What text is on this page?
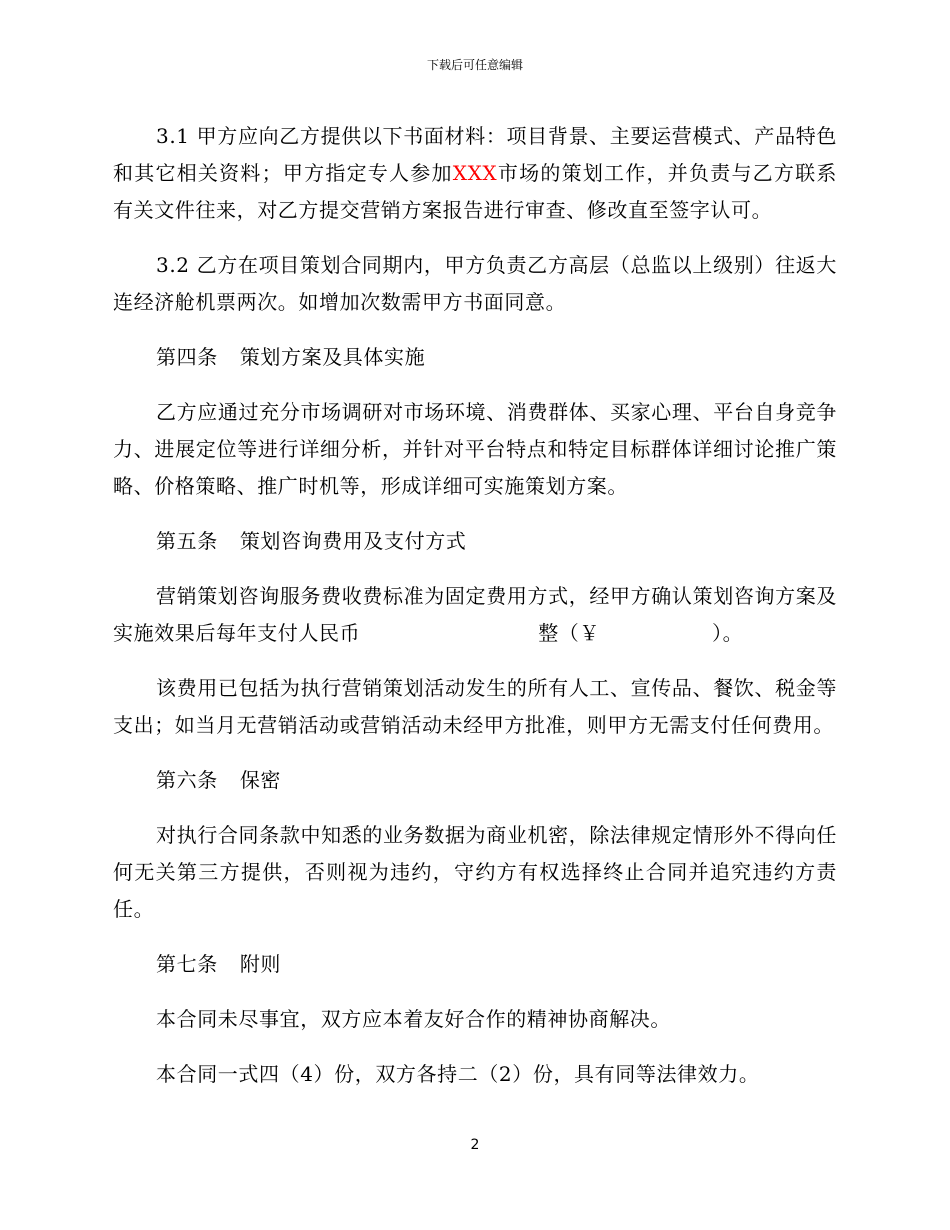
下载后可任意编辑

3.1 甲方应向乙方提供以下书面材料：项目背景、主要运营模式、产品特色和其它相关资料；甲方指定专人参加XXX市场的策划工作，并负责与乙方联系有关文件往来，对乙方提交营销方案报告进行审查、修改直至签字认可。

3.2 乙方在项目策划合同期内，甲方负责乙方高层（总监以上级别）往返大连经济舱机票两次。如增加次数需甲方书面同意。

第四条 策划方案及具体实施

乙方应通过充分市场调研对市场环境、消费群体、买家心理、平台自身竞争力、进展定位等进行详细分析，并针对平台特点和特定目标群体详细讨论推广策略、价格策略、推广时机等，形成详细可实施策划方案。

第五条 策划咨询费用及支付方式

营销策划咨询服务费收费标准为固定费用方式，经甲方确认策划咨询方案及实施效果后每年支付人民币	整（￥	）。

该费用已包括为执行营销策划活动发生的所有人工、宣传品、餐饮、税金等支出；如当月无营销活动或营销活动未经甲方批准，则甲方无需支付任何费用。

第六条 保密

对执行合同条款中知悉的业务数据为商业机密，除法律规定情形外不得向任何无关第三方提供，否则视为违约，守约方有权选择终止合同并追究违约方责任。

第七条 附则

本合同未尽事宜，双方应本着友好合作的精神协商解决。

本合同一式四（4）份，双方各持二（2）份，具有同等法律效力。

2
